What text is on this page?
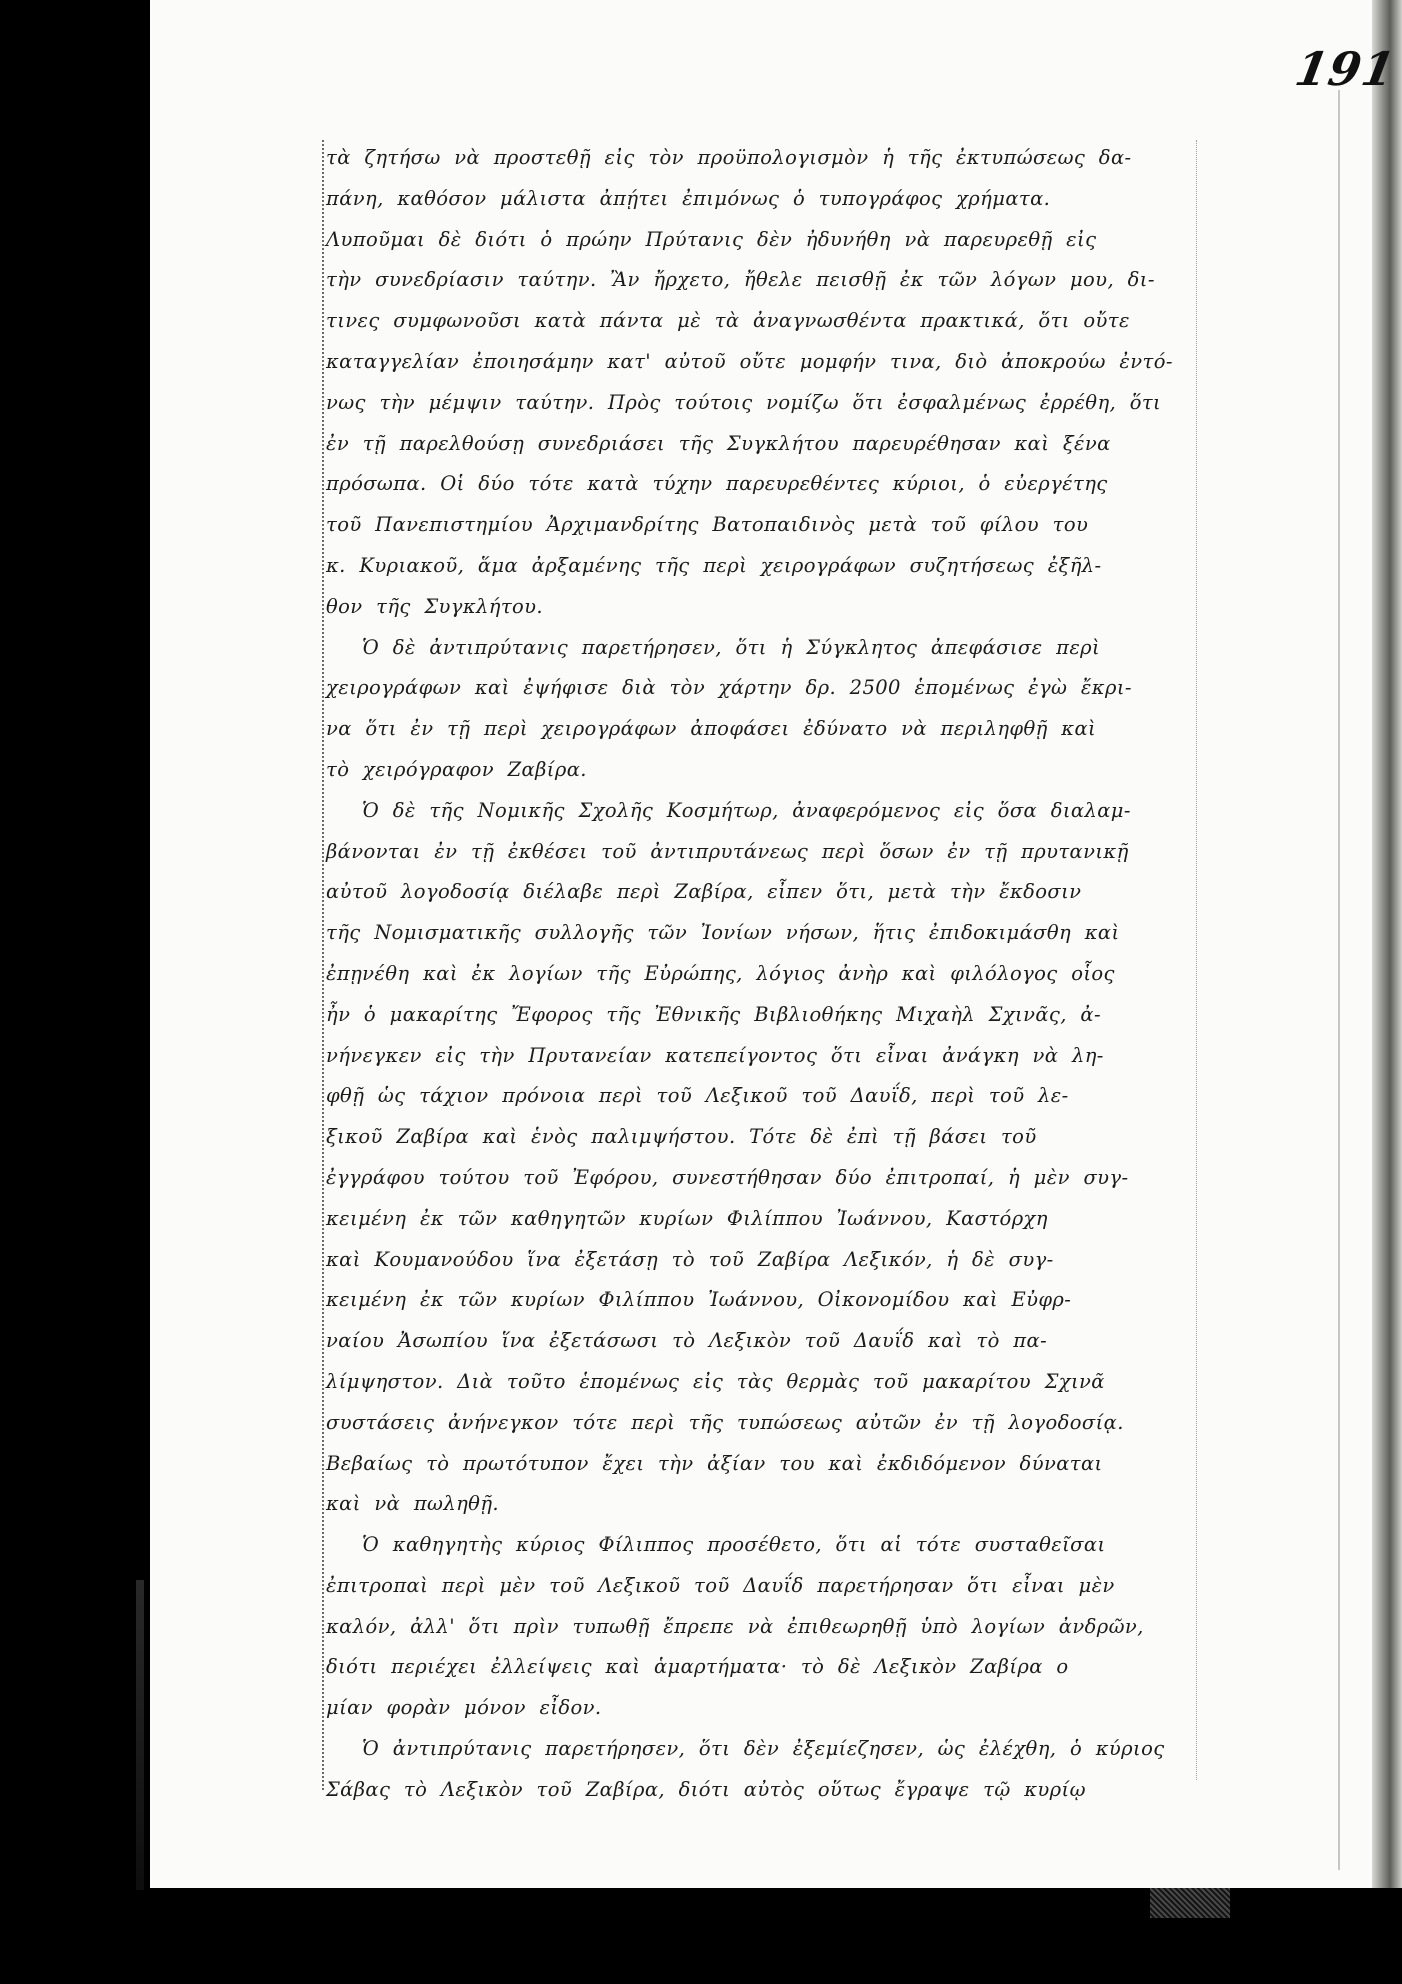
191
τὰ ζητήσω νὰ προστεθῇ εἰς τὸν προϋπολογισμὸν ἡ τῆς ἐκτυπώσεως δα-
πάνη, καθόσον μάλιστα ἀπῄτει ἐπιμόνως ὁ τυπογράφος χρήματα.
Λυποῦμαι δὲ διότι ὁ πρώην Πρύτανις δὲν ἠδυνήθη νὰ παρευρεθῇ εἰς
τὴν συνεδρίασιν ταύτην. Ἂν ἤρχετο, ἤθελε πεισθῇ ἐκ τῶν λόγων μου, δι-
τινες συμφωνοῦσι κατὰ πάντα μὲ τὰ ἀναγνωσθέντα πρακτικά, ὅτι οὔτε
καταγγελίαν ἐποιησάμην κατ' αὐτοῦ οὔτε μομφήν τινα, διὸ ἀποκρούω ἐντό-
νως τὴν μέμψιν ταύτην. Πρὸς τούτοις νομίζω ὅτι ἐσφαλμένως ἐρρέθη, ὅτι
ἐν τῇ παρελθούσῃ συνεδριάσει τῆς Συγκλήτου παρευρέθησαν καὶ ξένα
πρόσωπα. Οἱ δύο τότε κατὰ τύχην παρευρεθέντες κύριοι, ὁ εὐεργέτης
τοῦ Πανεπιστημίου Ἀρχιμανδρίτης Βατοπαιδινὸς μετὰ τοῦ φίλου του
κ. Κυριακοῦ, ἅμα ἀρξαμένης τῆς περὶ χειρογράφων συζητήσεως ἐξῆλ-
θον τῆς Συγκλήτου.
Ὁ δὲ ἀντιπρύτανις παρετήρησεν, ὅτι ἡ Σύγκλητος ἀπεφάσισε περὶ
χειρογράφων καὶ ἐψήφισε διὰ τὸν χάρτην δρ. 2500 ἑπομένως ἐγὼ ἔκρι-
να ὅτι ἐν τῇ περὶ χειρογράφων ἀποφάσει ἐδύνατο νὰ περιληφθῇ καὶ
τὸ χειρόγραφον Ζαβίρα.
Ὁ δὲ τῆς Νομικῆς Σχολῆς Κοσμήτωρ, ἀναφερόμενος εἰς ὅσα διαλαμ-
βάνονται ἐν τῇ ἐκθέσει τοῦ ἀντιπρυτάνεως περὶ ὅσων ἐν τῇ πρυτανικῇ
αὐτοῦ λογοδοσίᾳ διέλαβε περὶ Ζαβίρα, εἶπεν ὅτι, μετὰ τὴν ἔκδοσιν
τῆς Νομισματικῆς συλλογῆς τῶν Ἰονίων νήσων, ἥτις ἐπιδοκιμάσθη καὶ
ἐπῃνέθη καὶ ἐκ λογίων τῆς Εὐρώπης, λόγιος ἀνὴρ καὶ φιλόλογος οἷος
ἦν ὁ μακαρίτης Ἔφορος τῆς Ἐθνικῆς Βιβλιοθήκης Μιχαὴλ Σχινᾶς, ἀ-
νήνεγκεν εἰς τὴν Πρυτανείαν κατεπείγοντος ὅτι εἶναι ἀνάγκη νὰ λη-
φθῇ ὡς τάχιον πρόνοια περὶ τοῦ Λεξικοῦ τοῦ Δαυΐδ, περὶ τοῦ λε-
ξικοῦ Ζαβίρα καὶ ἑνὸς παλιμψήστου. Τότε δὲ ἐπὶ τῇ βάσει τοῦ
ἐγγράφου τούτου τοῦ Ἐφόρου, συνεστήθησαν δύο ἐπιτροπαί, ἡ μὲν συγ-
κειμένη ἐκ τῶν καθηγητῶν κυρίων Φιλίππου Ἰωάννου, Καστόρχη
καὶ Κουμανούδου ἵνα ἐξετάσῃ τὸ τοῦ Ζαβίρα Λεξικόν, ἡ δὲ συγ-
κειμένη ἐκ τῶν κυρίων Φιλίππου Ἰωάννου, Οἰκονομίδου καὶ Εὐφρ-
ναίου Ἀσωπίου ἵνα ἐξετάσωσι τὸ Λεξικὸν τοῦ Δαυΐδ καὶ τὸ πα-
λίμψηστον. Διὰ τοῦτο ἑπομένως εἰς τὰς θερμὰς τοῦ μακαρίτου Σχινᾶ
συστάσεις ἀνήνεγκον τότε περὶ τῆς τυπώσεως αὐτῶν ἐν τῇ λογοδοσίᾳ.
Βεβαίως τὸ πρωτότυπον ἔχει τὴν ἀξίαν του καὶ ἐκδιδόμενον δύναται
καὶ νὰ πωληθῇ.
Ὁ καθηγητὴς κύριος Φίλιππος προσέθετο, ὅτι αἱ τότε συσταθεῖσαι
ἐπιτροπαὶ περὶ μὲν τοῦ Λεξικοῦ τοῦ Δαυΐδ παρετήρησαν ὅτι εἶναι μὲν
καλόν, ἀλλ' ὅτι πρὶν τυπωθῇ ἔπρεπε νὰ ἐπιθεωρηθῇ ὑπὸ λογίων ἀνδρῶν,
διότι περιέχει ἐλλείψεις καὶ ἁμαρτήματα· τὸ δὲ Λεξικὸν Ζαβίρα ο
μίαν φορὰν μόνον εἶδον.
Ὁ ἀντιπρύτανις παρετήρησεν, ὅτι δὲν ἐξεμίεζησεν, ὡς ἐλέχθη, ὁ κύριος
Σάβας τὸ Λεξικὸν τοῦ Ζαβίρα, διότι αὐτὸς οὕτως ἔγραψε τῷ κυρίῳ
